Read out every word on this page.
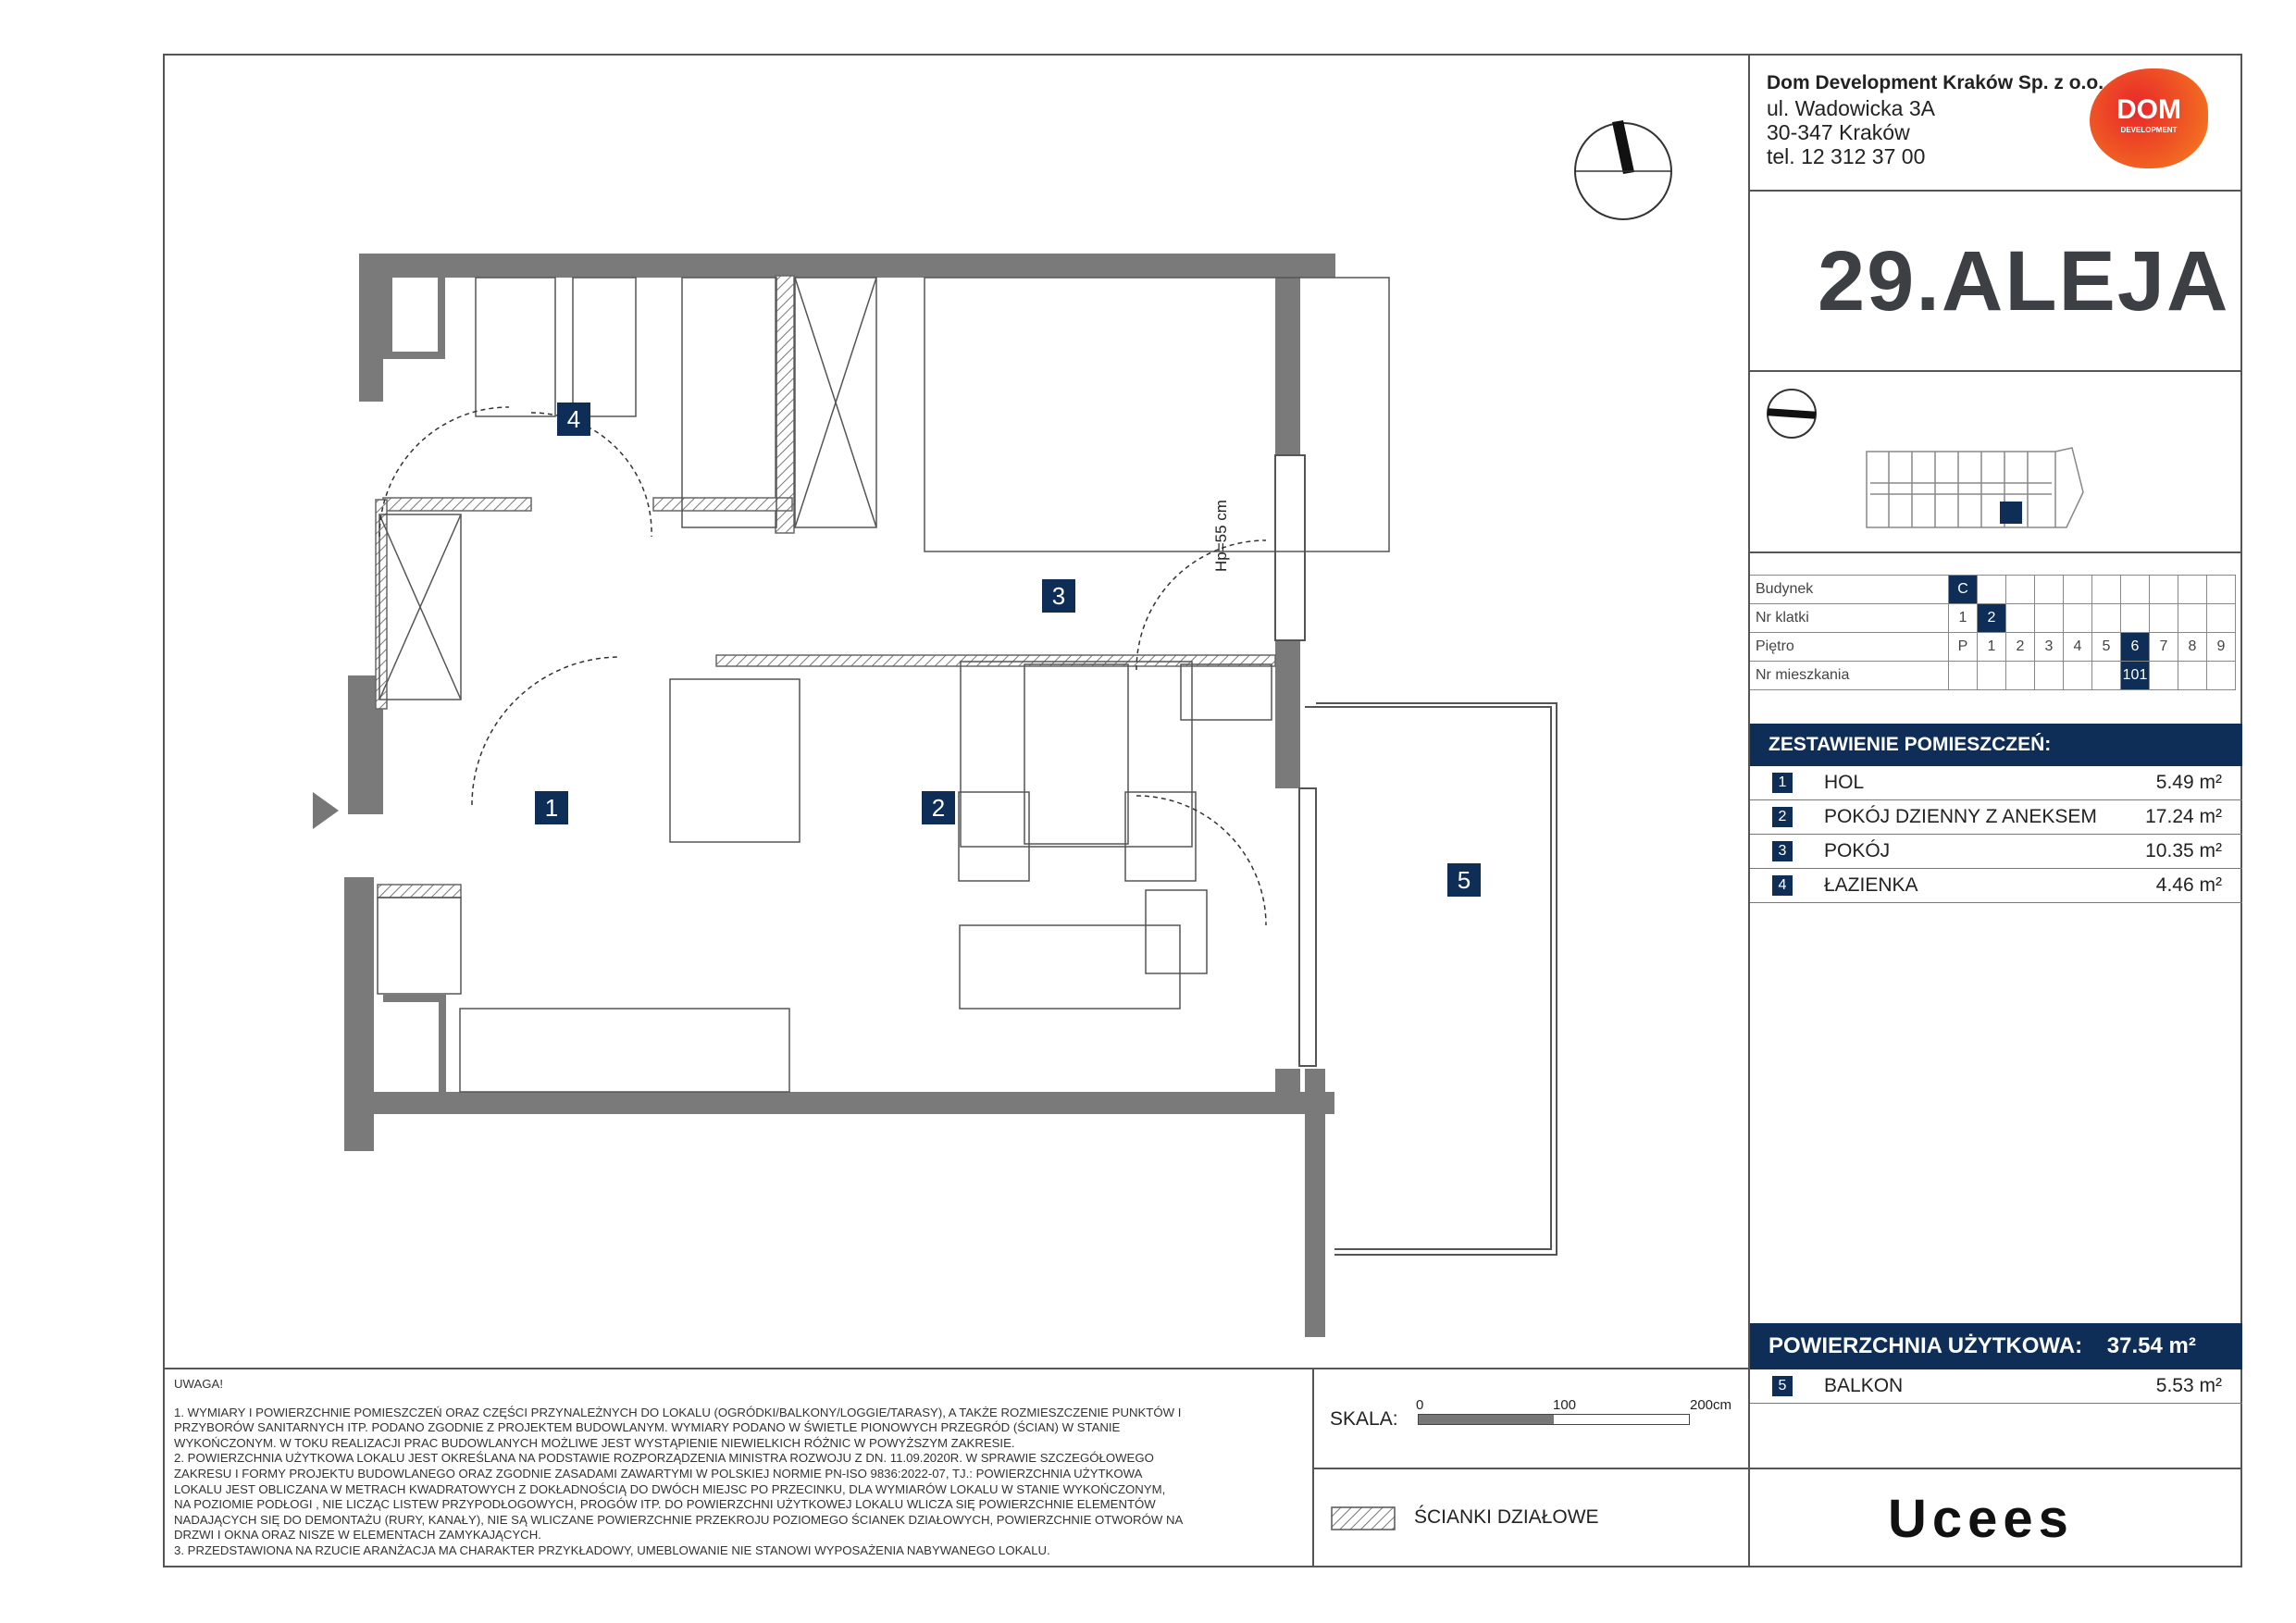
Hp=55 cm
1	2
3
4
5
Dom Development Kraków Sp. z o.o.
ul. Wadowicka 3A
30-347 Kraków
tel. 12 312 37 00
DOM
DEVELOPMENT
29.ALEJA
Budynek	C									
Nr klatki	1	2								
Piętro	P	1	2	3	4	5	6	7	8	9
Nr mieszkania							101			
ZESTAWIENIE POMIESZCZEŃ:
1	HOL	5.49 m²
2	POKÓJ DZIENNY Z ANEKSEM 17.24 m²
3	POKÓJ	10.35 m²
4	ŁAZIENKA	4.46 m²
POWIERZCHNIA UŻYTKOWA: 37.54 m²
5	BALKON	5.53 m²
UWAGA!
1. WYMIARY I POWIERZCHNIE POMIESZCZEŃ ORAZ CZĘŚCI PRZYNALEŻNYCH DO LOKALU (OGRÓDKI/BALKONY/LOGGIE/TARASY), A TAKŻE ROZMIESZCZENIE PUNKTÓW I
PRZYBORÓW SANITARNYCH ITP. PODANO ZGODNIE Z PROJEKTEM BUDOWLANYM. WYMIARY PODANO W ŚWIETLE PIONOWYCH PRZEGRÓD (ŚCIAN) W STANIE
WYKOŃCZONYM. W TOKU REALIZACJI PRAC BUDOWLANYCH MOŻLIWE JEST WYSTĄPIENIE NIEWIELKICH RÓŻNIC W POWYŻSZYM ZAKRESIE.
2. POWIERZCHNIA UŻYTKOWA LOKALU JEST OKREŚLANA NA PODSTAWIE ROZPORZĄDZENIA MINISTRA ROZWOJU Z DN. 11.09.2020R. W SPRAWIE SZCZEGÓŁOWEGO
ZAKRESU I FORMY PROJEKTU BUDOWLANEGO ORAZ ZGODNIE ZASADAMI ZAWARTYMI W POLSKIEJ NORMIE PN-ISO 9836:2022-07, TJ.: POWIERZCHNIA UŻYTKOWA
LOKALU JEST OBLICZANA W METRACH KWADRATOWYCH Z DOKŁADNOŚCIĄ DO DWÓCH MIEJSC PO PRZECINKU, DLA WYMIARÓW LOKALU W STANIE WYKOŃCZONYM,
NA POZIOMIE PODŁOGI , NIE LICZĄC LISTEW PRZYPODŁOGOWYCH, PROGÓW ITP. DO POWIERZCHNI UŻYTKOWEJ LOKALU WLICZA SIĘ POWIERZCHNIE ELEMENTÓW
NADAJĄCYCH SIĘ DO DEMONTAŻU (RURY, KANAŁY), NIE SĄ WLICZANE POWIERZCHNIE PRZEKROJU POZIOMEGO ŚCIANEK DZIAŁOWYCH, POWIERZCHNIE OTWORÓW NA
DRZWI I OKNA ORAZ NISZE W ELEMENTACH ZAMYKAJĄCYCH.
3. PRZEDSTAWIONA NA RZUCIE ARANŻACJA MA CHARAKTER PRZYKŁADOWY, UMEBLOWANIE NIE STANOWI WYPOSAŻENIA NABYWANEGO LOKALU.
SKALA:
0	100	200cm
ŚCIANKI DZIAŁOWE	Ucees
